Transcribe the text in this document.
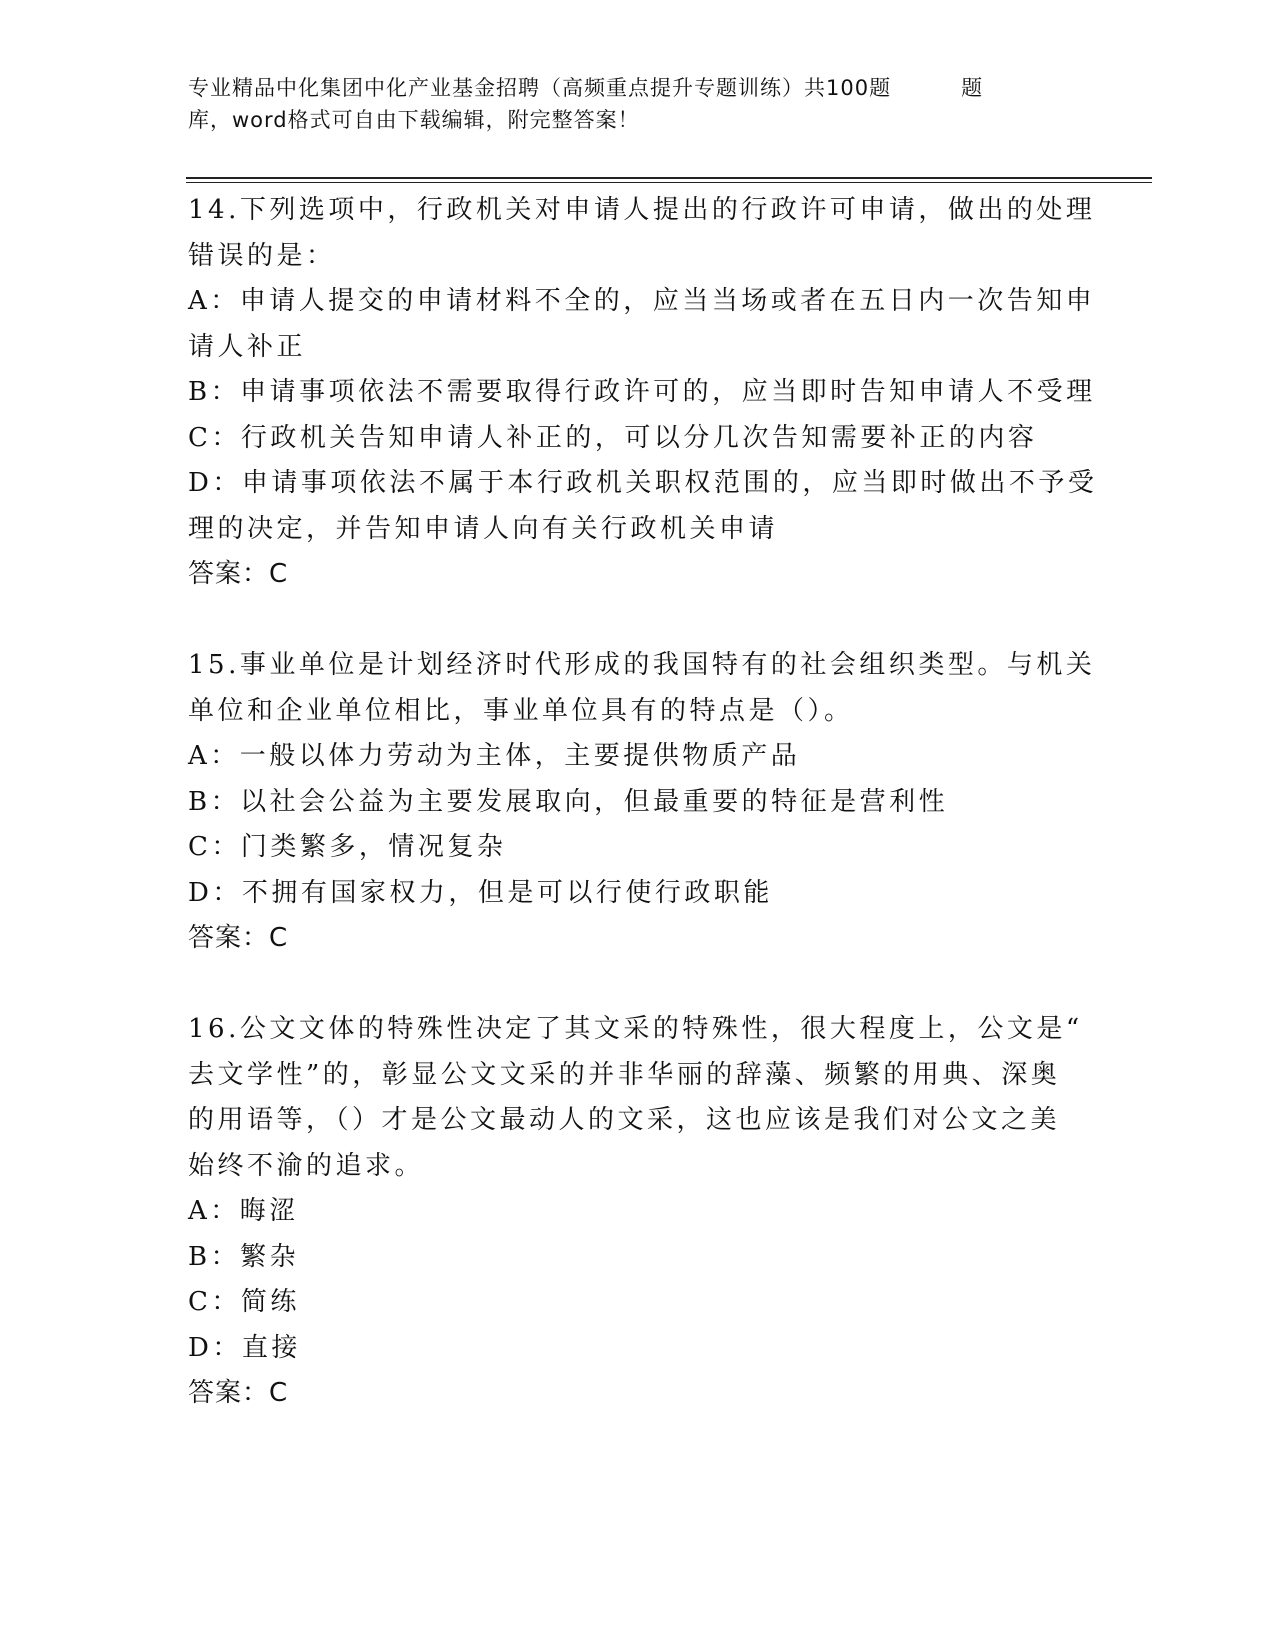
专业精品中化集团中化产业基金招聘（高频重点提升专题训练）共100题	题
库，word格式可自由下载编辑，附完整答案！
14.下列选项中，行政机关对申请人提出的行政许可申请，做出的处理
错误的是：
A：申请人提交的申请材料不全的，应当当场或者在五日内一次告知申
请人补正
B：申请事项依法不需要取得行政许可的，应当即时告知申请人不受理
C：行政机关告知申请人补正的，可以分几次告知需要补正的内容
D：申请事项依法不属于本行政机关职权范围的，应当即时做出不予受
理的决定，并告知申请人向有关行政机关申请
答案：C
15.事业单位是计划经济时代形成的我国特有的社会组织类型。与机关
单位和企业单位相比，事业单位具有的特点是（）。
A：一般以体力劳动为主体，主要提供物质产品
B：以社会公益为主要发展取向，但最重要的特征是营利性
C：门类繁多，情况复杂
D：不拥有国家权力，但是可以行使行政职能
答案：C
16.公文文体的特殊性决定了其文采的特殊性，很大程度上，公文是“
去文学性”的，彰显公文文采的并非华丽的辞藻、频繁的用典、深奥
的用语等，（）才是公文最动人的文采，这也应该是我们对公文之美
始终不渝的追求。
A：晦涩
B：繁杂
C：简练
D：直接
答案：C
